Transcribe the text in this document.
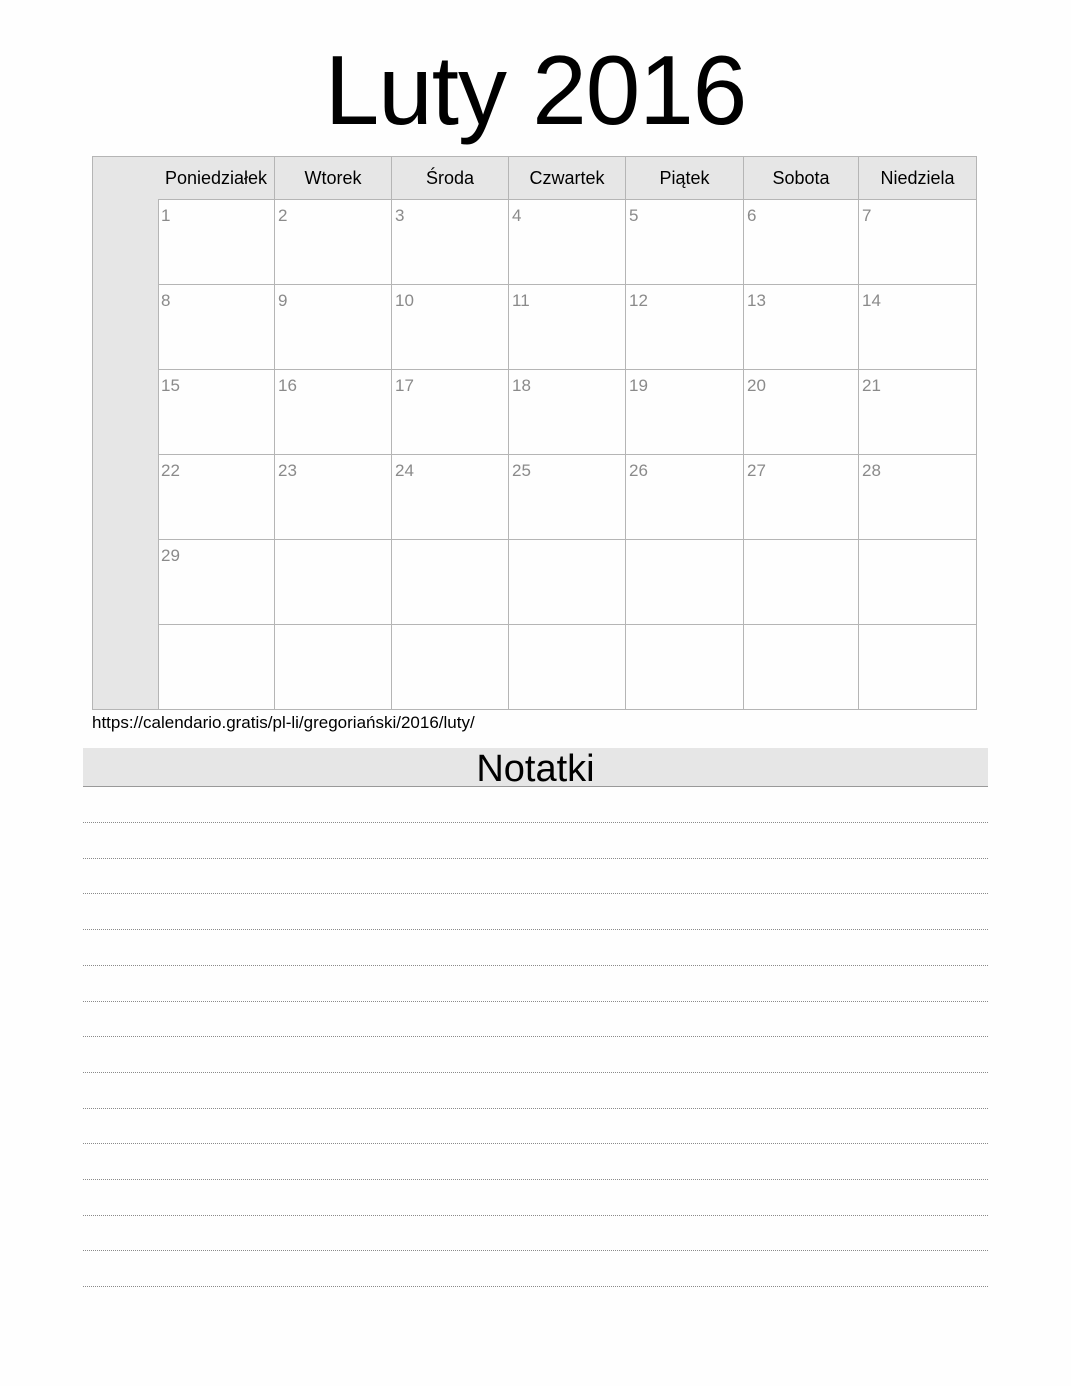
Luty 2016
Poniedziałek	Wtorek	Środa	Czwartek	Piątek	Sobota	Niedziela
1	2	3	4	5	6	7
8	9	10	11	12	13	14
15	16	17	18	19	20	21
22	23	24	25	26	27	28
29
https://calendario.gratis/pl-li/gregoriański/2016/luty/
Notatki
